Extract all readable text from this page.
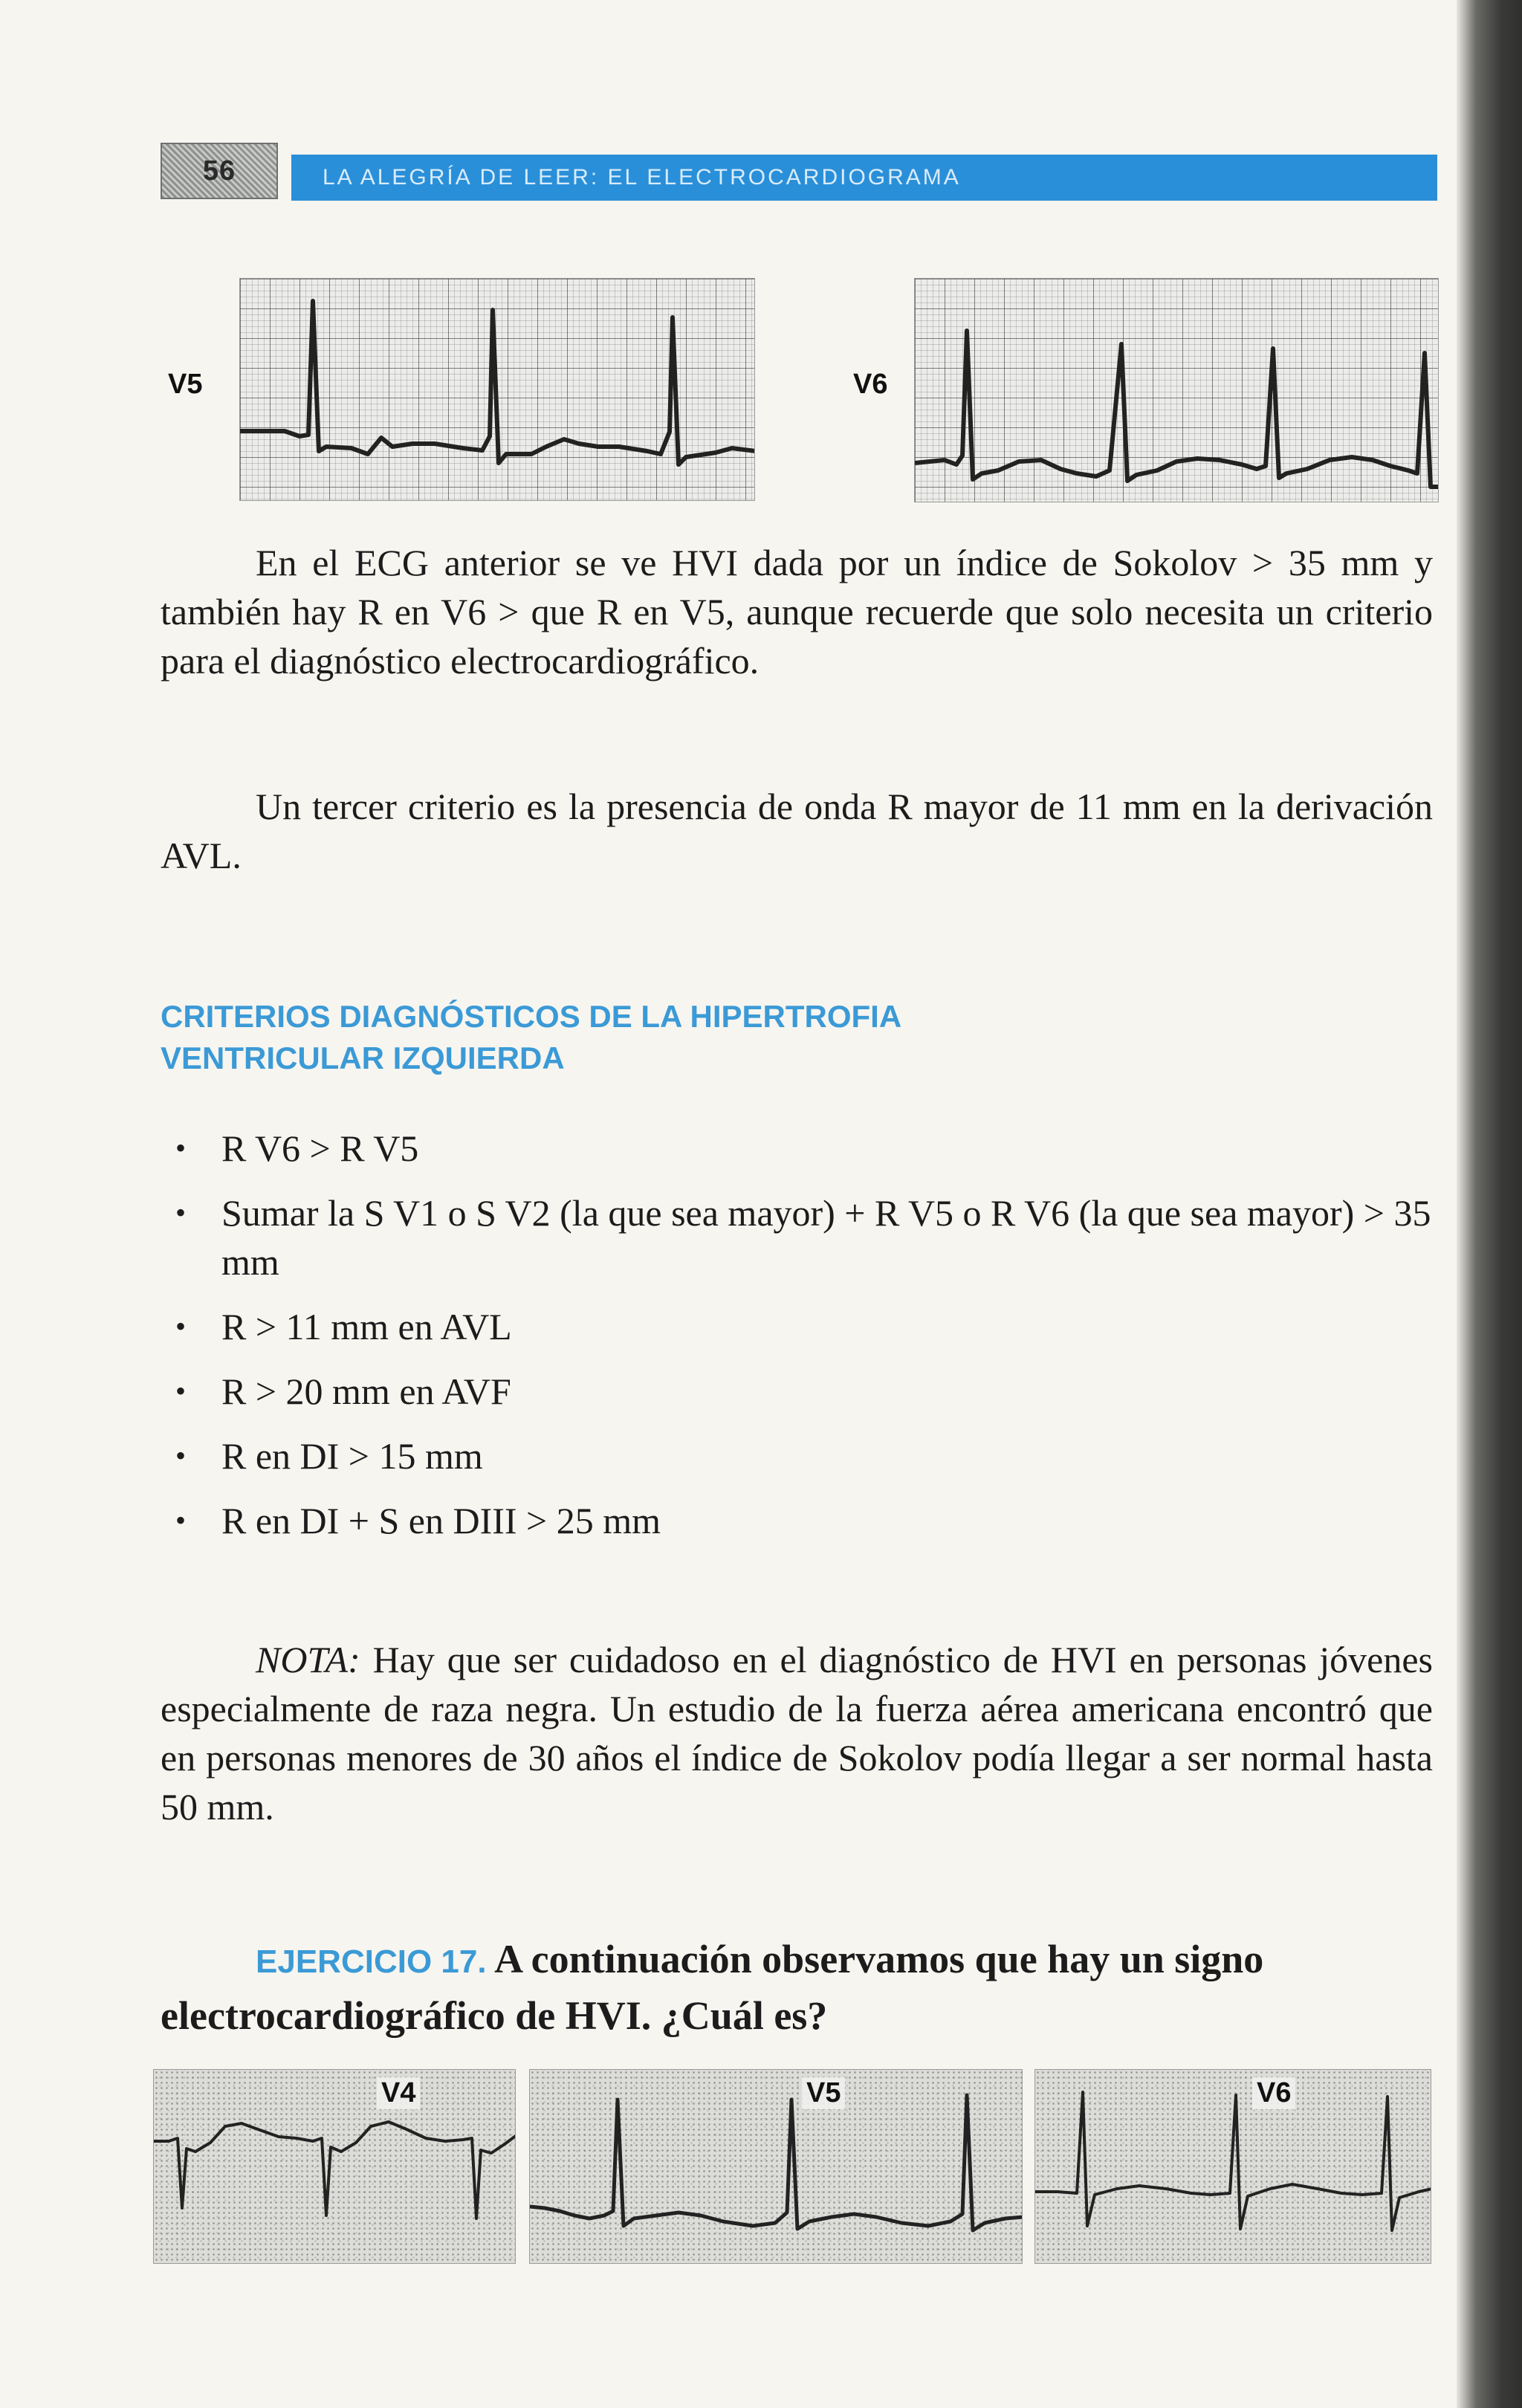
56	LA ALEGRÍA DE LEER: EL ELECTROCARDIOGRAMA
V5	V6

En el ECG anterior se ve HVI dada por un índice de Sokolov > 35 mm y también hay R en V6 > que R en V5, aunque recuerde que solo necesita un criterio para el diagnóstico electrocardiográfico.

Un tercer criterio es la presencia de onda R mayor de 11 mm en la derivación AVL.

CRITERIOS DIAGNÓSTICOS DE LA HIPERTROFIA
VENTRICULAR IZQUIERDA
• R V6 > R V5
• Sumar la S V1 o S V2 (la que sea mayor) + R V5 o R V6 (la que sea mayor) > 35 mm
• R > 11 mm en AVL
• R > 20 mm en AVF
• R en DI > 15 mm
• R en DI + S en DIII > 25 mm

NOTA: Hay que ser cuidadoso en el diagnóstico de HVI en personas jóvenes especialmente de raza negra. Un estudio de la fuerza aérea americana encontró que en personas menores de 30 años el índice de Sokolov podía llegar a ser normal hasta 50 mm.

EJERCICIO 17. A continuación observamos que hay un signo electrocardiográfico de HVI. ¿Cuál es?

V4	V5	V6
